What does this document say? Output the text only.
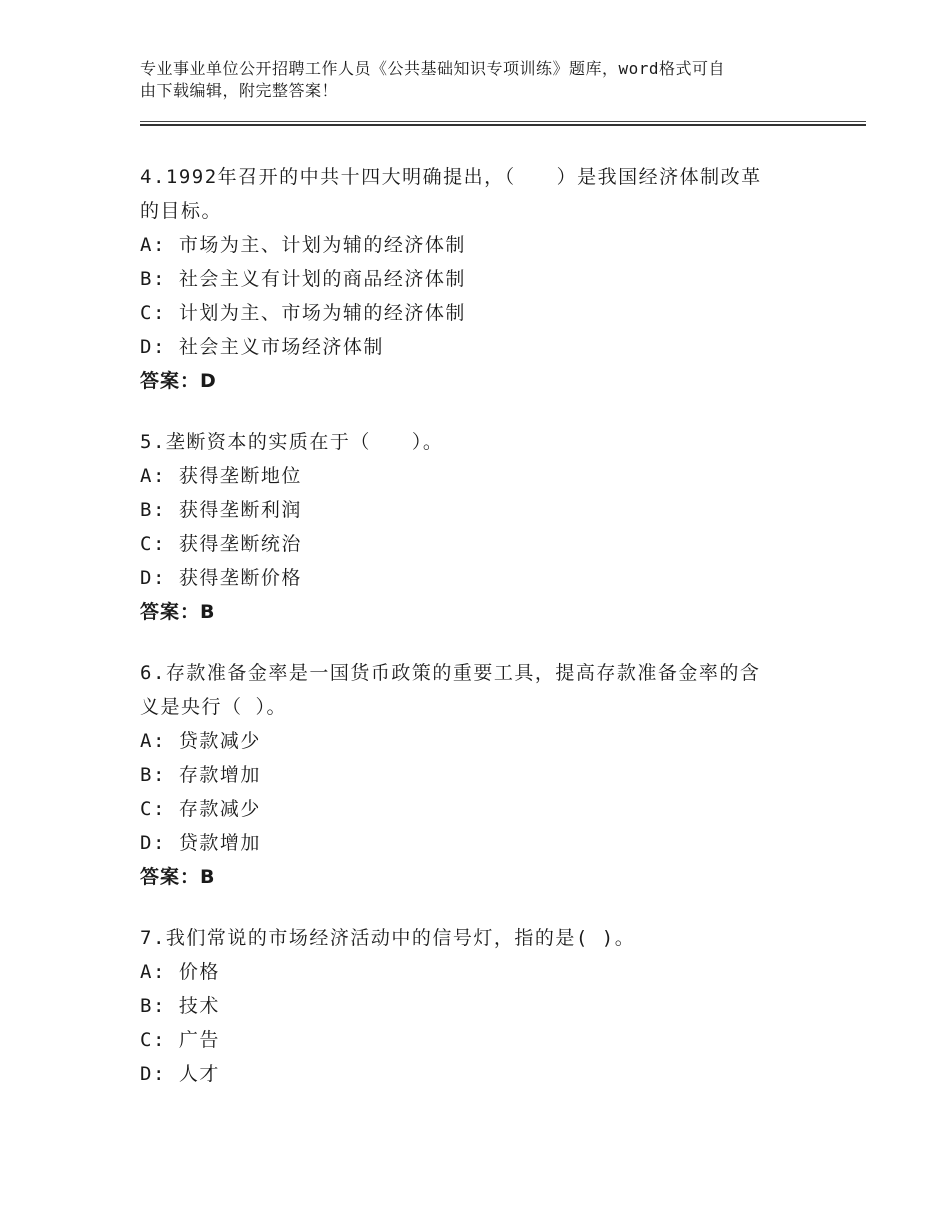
专业事业单位公开招聘工作人员《公共基础知识专项训练》题库，word格式可自
由下载编辑，附完整答案！
4.1992年召开的中共十四大明确提出，（　　）是我国经济体制改革
的目标。
A: 市场为主、计划为辅的经济体制
B: 社会主义有计划的商品经济体制
C: 计划为主、市场为辅的经济体制
D: 社会主义市场经济体制
答案：D
5.垄断资本的实质在于（　　）。
A: 获得垄断地位
B: 获得垄断利润
C: 获得垄断统治
D: 获得垄断价格
答案：B
6.存款准备金率是一国货币政策的重要工具，提高存款准备金率的含
义是央行（ ）。
A: 贷款减少
B: 存款增加
C: 存款减少
D: 贷款增加
答案：B
7.我们常说的市场经济活动中的信号灯，指的是( )。
A: 价格
B: 技术
C: 广告
D: 人才
